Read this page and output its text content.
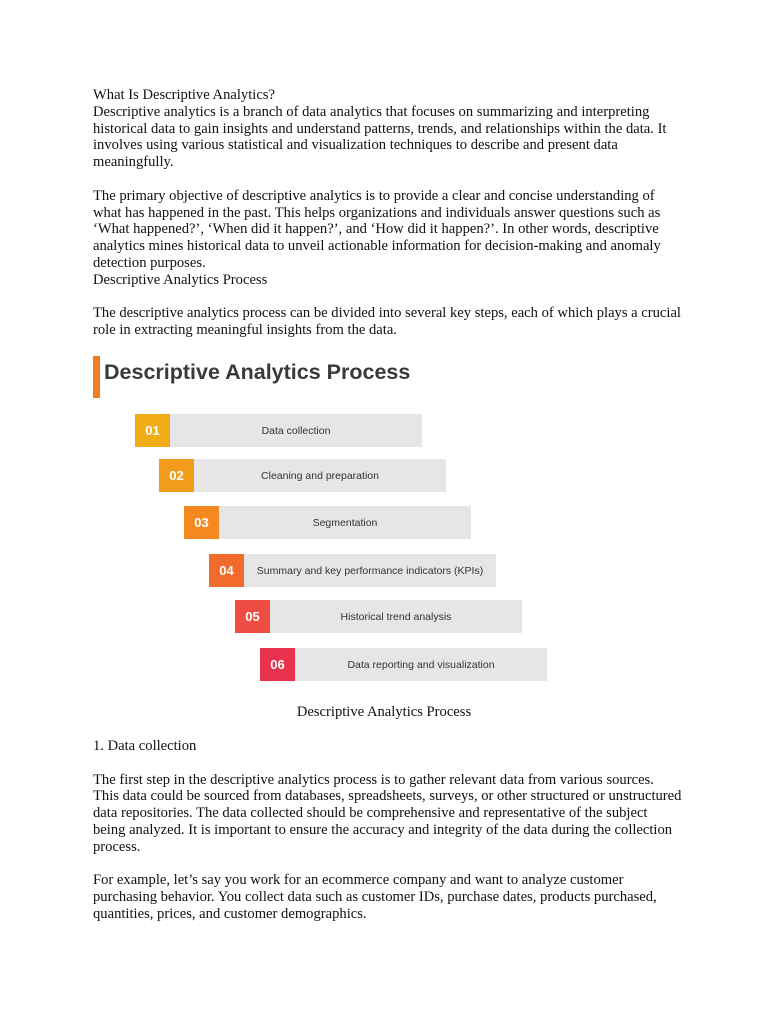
What Is Descriptive Analytics?

Descriptive analytics is a branch of data analytics that focuses on summarizing and interpreting historical data to gain insights and understand patterns, trends, and relationships within the data. It involves using various statistical and visualization techniques to describe and present data meaningfully.

The primary objective of descriptive analytics is to provide a clear and concise understanding of what has happened in the past. This helps organizations and individuals answer questions such as ‘What happened?’, ‘When did it happen?’, and ‘How did it happen?’. In other words, descriptive analytics mines historical data to unveil actionable information for decision-making and anomaly detection purposes.

Descriptive Analytics Process

The descriptive analytics process can be divided into several key steps, each of which plays a crucial role in extracting meaningful insights from the data.

Descriptive Analytics Process
01	Data collection
02	Cleaning and preparation
03	Segmentation
04	Summary and key performance indicators (KPIs)
05	Historical trend analysis
06	Data reporting and visualization
Descriptive Analytics Process

1. Data collection

The first step in the descriptive analytics process is to gather relevant data from various sources. This data could be sourced from databases, spreadsheets, surveys, or other structured or unstructured data repositories. The data collected should be comprehensive and representative of the subject being analyzed. It is important to ensure the accuracy and integrity of the data during the collection process.

For example, let’s say you work for an ecommerce company and want to analyze customer purchasing behavior. You collect data such as customer IDs, purchase dates, products purchased, quantities, prices, and customer demographics.
